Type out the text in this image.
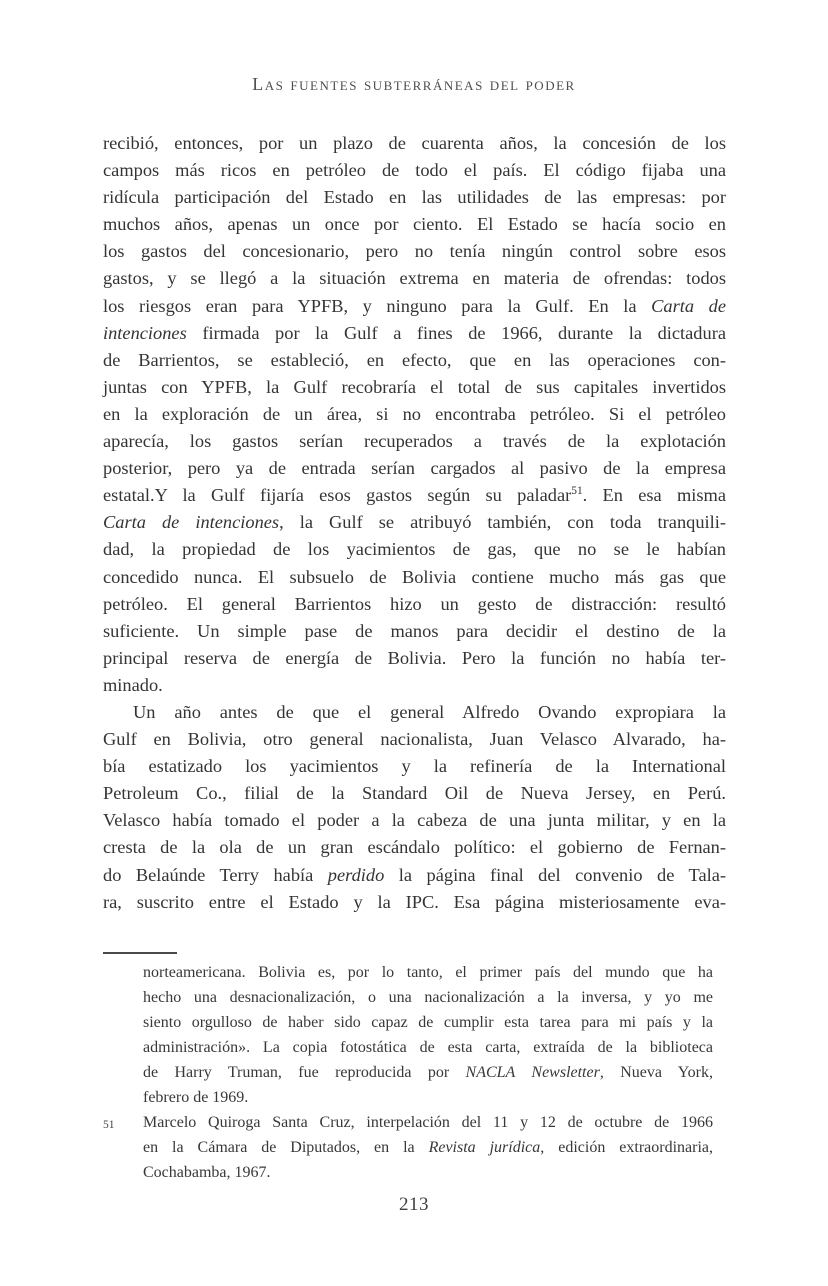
Las fuentes subterráneas del poder
recibió, entonces, por un plazo de cuarenta años, la concesión de los
campos más ricos en petróleo de todo el país. El código fijaba una
ridícula participación del Estado en las utilidades de las empresas: por
muchos años, apenas un once por ciento. El Estado se hacía socio en
los gastos del concesionario, pero no tenía ningún control sobre esos
gastos, y se llegó a la situación extrema en materia de ofrendas: todos
los riesgos eran para YPFB, y ninguno para la Gulf. En la Carta de
intenciones firmada por la Gulf a fines de 1966, durante la dictadura
de Barrientos, se estableció, en efecto, que en las operaciones con-
juntas con YPFB, la Gulf recobraría el total de sus capitales invertidos
en la exploración de un área, si no encontraba petróleo. Si el petróleo
aparecía, los gastos serían recuperados a través de la explotación
posterior, pero ya de entrada serían cargados al pasivo de la empresa
estatal.Y la Gulf fijaría esos gastos según su paladar$^{51}$. En esa misma
Carta de intenciones, la Gulf se atribuyó también, con toda tranquili-
dad, la propiedad de los yacimientos de gas, que no se le habían
concedido nunca. El subsuelo de Bolivia contiene mucho más gas que
petróleo. El general Barrientos hizo un gesto de distracción: resultó
suficiente. Un simple pase de manos para decidir el destino de la
principal reserva de energía de Bolivia. Pero la función no había ter-
minado.
Un año antes de que el general Alfredo Ovando expropiara la
Gulf en Bolivia, otro general nacionalista, Juan Velasco Alvarado, ha-
bía estatizado los yacimientos y la refinería de la International
Petroleum Co., filial de la Standard Oil de Nueva Jersey, en Perú.
Velasco había tomado el poder a la cabeza de una junta militar, y en la
cresta de la ola de un gran escándalo político: el gobierno de Fernan-
do Belaúnde Terry había perdido la página final del convenio de Tala-
ra, suscrito entre el Estado y la IPC. Esa página misteriosamente eva-
norteamericana. Bolivia es, por lo tanto, el primer país del mundo que ha
hecho una desnacionalización, o una nacionalización a la inversa, y yo me
siento orgulloso de haber sido capaz de cumplir esta tarea para mi país y la
administración». La copia fotostática de esta carta, extraída de la biblioteca
de Harry Truman, fue reproducida por NACLA Newsletter, Nueva York,
febrero de 1969.
51	Marcelo Quiroga Santa Cruz, interpelación del 11 y 12 de octubre de 1966
en la Cámara de Diputados, en la Revista jurídica, edición extraordinaria,
Cochabamba, 1967.
213
